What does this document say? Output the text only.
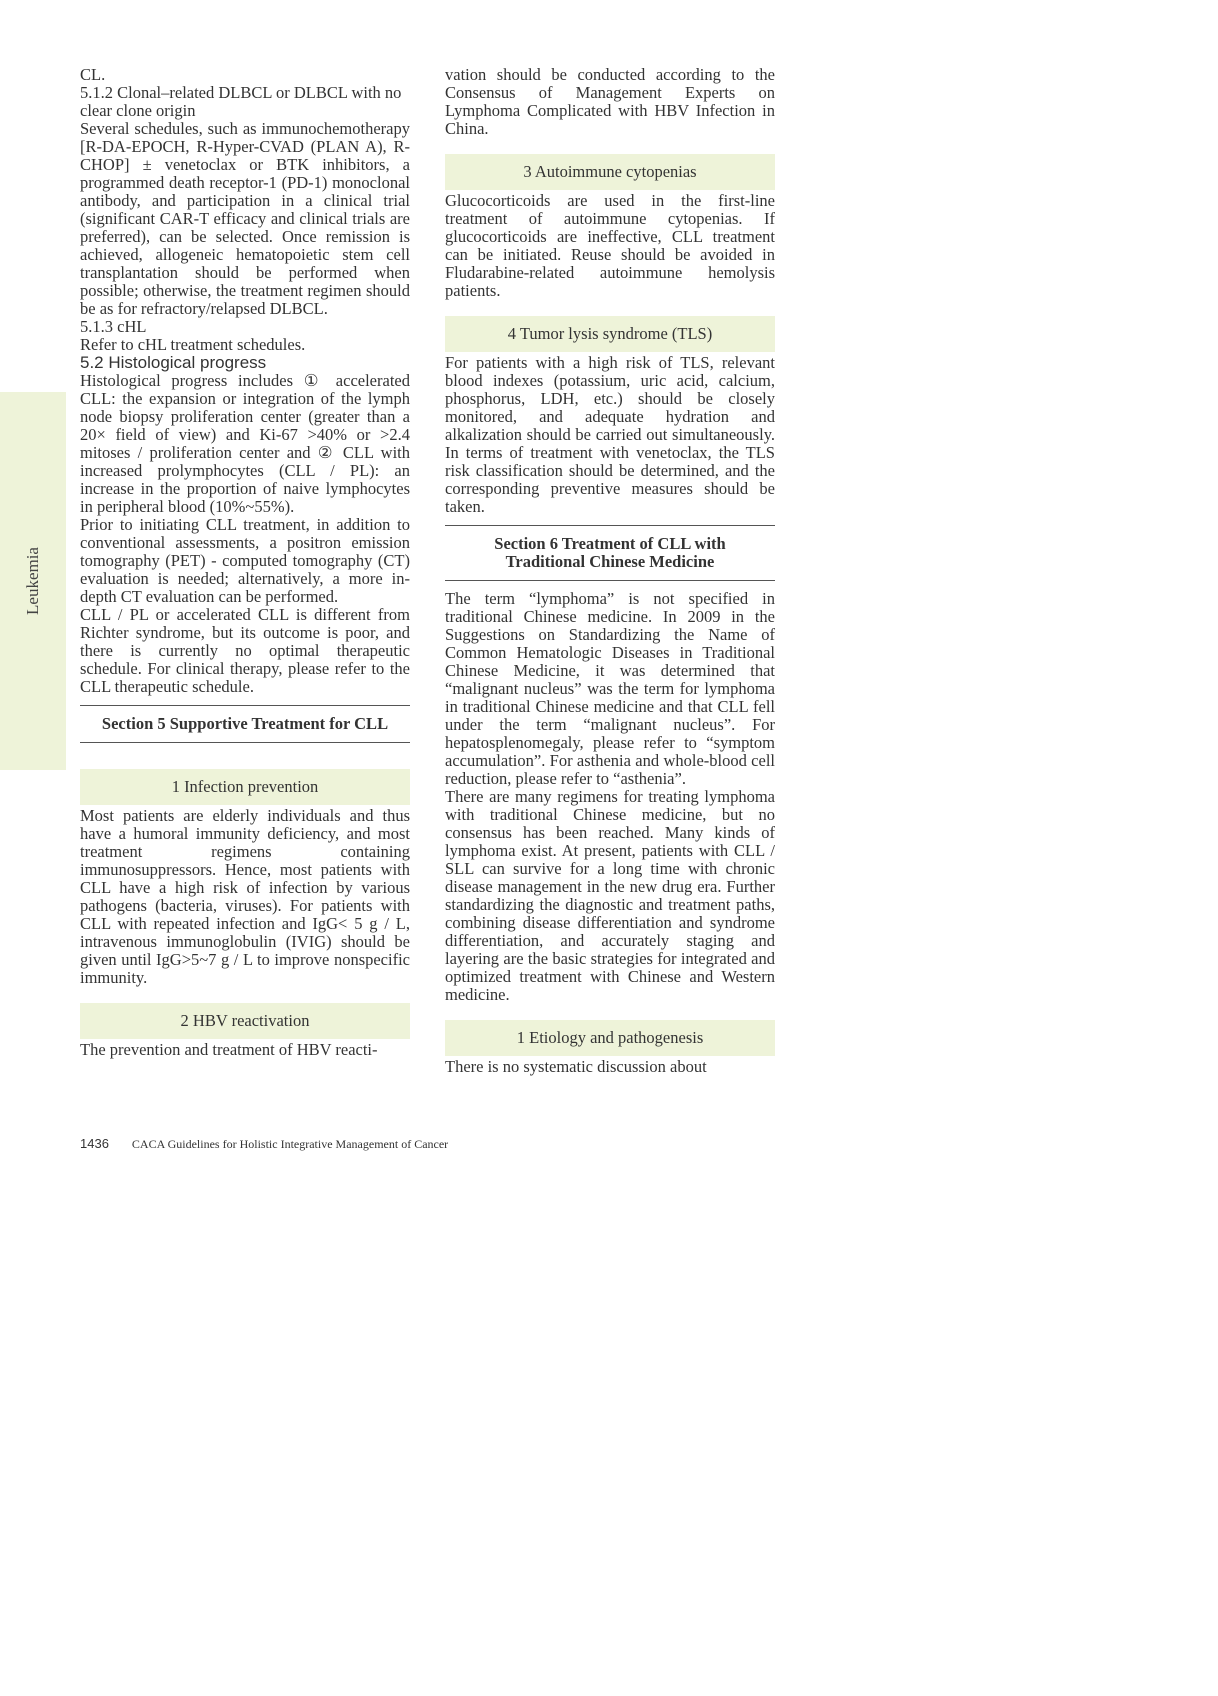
Leukemia

CL.

5.1.2 Clonal–related DLBCL or DLBCL with no clear clone origin

Several schedules, such as immunochemotherapy [R-DA-EPOCH, R-Hyper-CVAD (PLAN A), R-CHOP] ± venetoclax or BTK inhibitors, a programmed death receptor-1 (PD-1) monoclonal antibody, and participation in a clinical trial (significant CAR-T efficacy and clinical trials are preferred), can be selected. Once remission is achieved, allogeneic hematopoietic stem cell transplantation should be performed when possible; otherwise, the treatment regimen should be as for refractory/relapsed DLBCL.

5.1.3 cHL

Refer to cHL treatment schedules.

5.2 Histological progress

Histological progress includes ① accelerated CLL: the expansion or integration of the lymph node biopsy proliferation center (greater than a 20× field of view) and Ki-67 >40% or >2.4 mitoses / proliferation center and ② CLL with increased prolymphocytes (CLL / PL): an increase in the proportion of naive lymphocytes in peripheral blood (10%~55%).

Prior to initiating CLL treatment, in addition to conventional assessments, a positron emission tomography (PET) - computed tomography (CT) evaluation is needed; alternatively, a more in-depth CT evaluation can be performed.

CLL / PL or accelerated CLL is different from Richter syndrome, but its outcome is poor, and there is currently no optimal therapeutic schedule. For clinical therapy, please refer to the CLL therapeutic schedule.

Section 5 Supportive Treatment for CLL
1 Infection prevention

Most patients are elderly individuals and thus have a humoral immunity deficiency, and most treatment regimens containing immunosuppressors. Hence, most patients with CLL have a high risk of infection by various pathogens (bacteria, viruses). For patients with CLL with repeated infection and IgG< 5 g / L, intravenous immunoglobulin (IVIG) should be given until IgG>5~7 g / L to improve nonspecific immunity.

2 HBV reactivation

The prevention and treatment of HBV reacti-

vation should be conducted according to the Consensus of Management Experts on Lymphoma Complicated with HBV Infection in China.

3 Autoimmune cytopenias

Glucocorticoids are used in the first-line treatment of autoimmune cytopenias. If glucocorticoids are ineffective, CLL treatment can be initiated. Reuse should be avoided in Fludarabine-related autoimmune hemolysis patients.

4 Tumor lysis syndrome (TLS)

For patients with a high risk of TLS, relevant blood indexes (potassium, uric acid, calcium, phosphorus, LDH, etc.) should be closely monitored, and adequate hydration and alkalization should be carried out simultaneously. In terms of treatment with venetoclax, the TLS risk classification should be determined, and the corresponding preventive measures should be taken.

Section 6 Treatment of CLL with
Traditional Chinese Medicine

The term “lymphoma” is not specified in traditional Chinese medicine. In 2009 in the Suggestions on Standardizing the Name of Common Hematologic Diseases in Traditional Chinese Medicine, it was determined that “malignant nucleus” was the term for lymphoma in traditional Chinese medicine and that CLL fell under the term “malignant nucleus”. For hepatosplenomegaly, please refer to “symptom accumulation”. For asthenia and whole-blood cell reduction, please refer to “asthenia”.

There are many regimens for treating lymphoma with traditional Chinese medicine, but no consensus has been reached. Many kinds of lymphoma exist. At present, patients with CLL / SLL can survive for a long time with chronic disease management in the new drug era. Further standardizing the diagnostic and treatment paths, combining disease differentiation and syndrome differentiation, and accurately staging and layering are the basic strategies for integrated and optimized treatment with Chinese and Western medicine.

1 Etiology and pathogenesis

There is no systematic discussion about

1436 CACA Guidelines for Holistic Integrative Management of Cancer
